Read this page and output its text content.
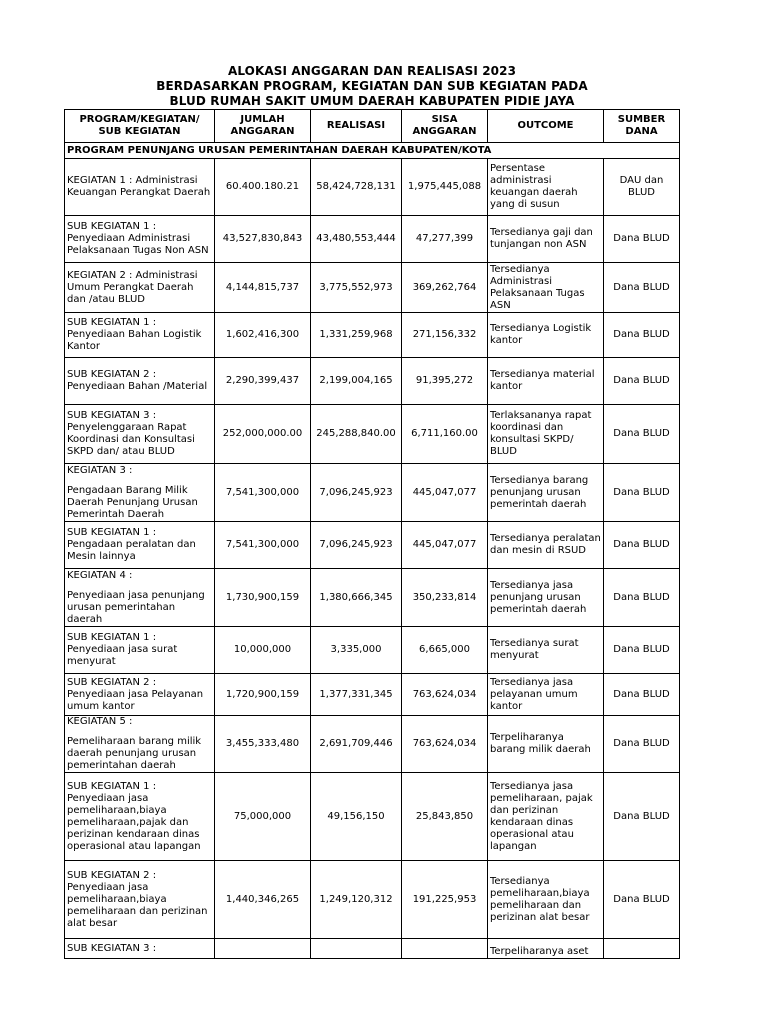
ALOKASI ANGGARAN DAN REALISASI 2023
BERDASARKAN PROGRAM, KEGIATAN DAN SUB KEGIATAN PADA
BLUD RUMAH SAKIT UMUM DAERAH KABUPATEN PIDIE JAYA
PROGRAM/KEGIATAN/ SUB KEGIATAN	JUMLAH ANGGARAN	REALISASI	SISA ANGGARAN	OUTCOME	SUMBER DANA
PROGRAM PENUNJANG URUSAN PEMERINTAHAN DAERAH KABUPATEN/KOTA					

KEGIATAN 1 : Administrasi Keuangan Perangkat Daerah	60.400.180.21	58,424,728,131	1,975,445,088	Persentase administrasi keuangan daerah yang di susun	DAU dan BLUD

SUB KEGIATAN 1 : Penyediaan Administrasi Pelaksanaan Tugas Non ASN	43,527,830,843	43,480,553,444	47,277,399	Tersedianya gaji dan tunjangan non ASN	Dana BLUD

KEGIATAN 2 : Administrasi Umum Perangkat Daerah dan /atau BLUD	4,144,815,737	3,775,552,973	369,262,764	Tersedianya Administrasi Pelaksanaan Tugas ASN	Dana BLUD

SUB KEGIATAN 1 : Penyediaan Bahan Logistik Kantor	1,602,416,300	1,331,259,968	271,156,332	Tersedianya Logistik kantor	Dana BLUD

SUB KEGIATAN 2 : Penyediaan Bahan /Material	2,290,399,437	2,199,004,165	91,395,272	Tersedianya material kantor	Dana BLUD

SUB KEGIATAN 3 : Penyelenggaraan Rapat Koordinasi dan Konsultasi SKPD dan/ atau BLUD	252,000,000.00	245,288,840.00	6,711,160.00	Terlaksananya rapat koordinasi dan konsultasi SKPD/ BLUD	Dana BLUD

KEGIATAN 3 :
Pengadaan Barang Milik Daerah Penunjang Urusan Pemerintah Daerah	7,541,300,000	7,096,245,923	445,047,077	Tersedianya barang penunjang urusan pemerintah daerah	Dana BLUD

SUB KEGIATAN 1 : Pengadaan peralatan dan Mesin lainnya	7,541,300,000	7,096,245,923	445,047,077	Tersedianya peralatan dan mesin di RSUD	Dana BLUD

KEGIATAN 4 :
Penyediaan jasa penunjang urusan pemerintahan daerah	1,730,900,159	1,380,666,345	350,233,814	Tersedianya jasa penunjang urusan pemerintah daerah	Dana BLUD

SUB KEGIATAN 1 : Penyediaan jasa surat menyurat	10,000,000	3,335,000	6,665,000	Tersedianya surat menyurat	Dana BLUD

SUB KEGIATAN 2 : Penyediaan jasa Pelayanan umum kantor	1,720,900,159	1,377,331,345	763,624,034	Tersedianya jasa pelayanan umum kantor	Dana BLUD

KEGIATAN 5 :
Pemeliharaan barang milik daerah penunjang urusan pemerintahan daerah	3,455,333,480	2,691,709,446	763,624,034	Terpeliharanya barang milik daerah	Dana BLUD

SUB KEGIATAN 1 : Penyediaan jasa pemeliharaan,biaya pemeliharaan,pajak dan perizinan kendaraan dinas operasional atau lapangan	75,000,000	49,156,150	25,843,850	Tersedianya jasa pemeliharaan, pajak dan perizinan kendaraan dinas operasional atau lapangan	Dana BLUD

SUB KEGIATAN 2 : Penyediaan jasa pemeliharaan,biaya pemeliharaan dan perizinan alat besar	1,440,346,265	1,249,120,312	191,225,953	Tersedianya pemeliharaan,biaya pemeliharaan dan perizinan alat besar	Dana BLUD

SUB KEGIATAN 3 :				Terpeliharanya aset	
